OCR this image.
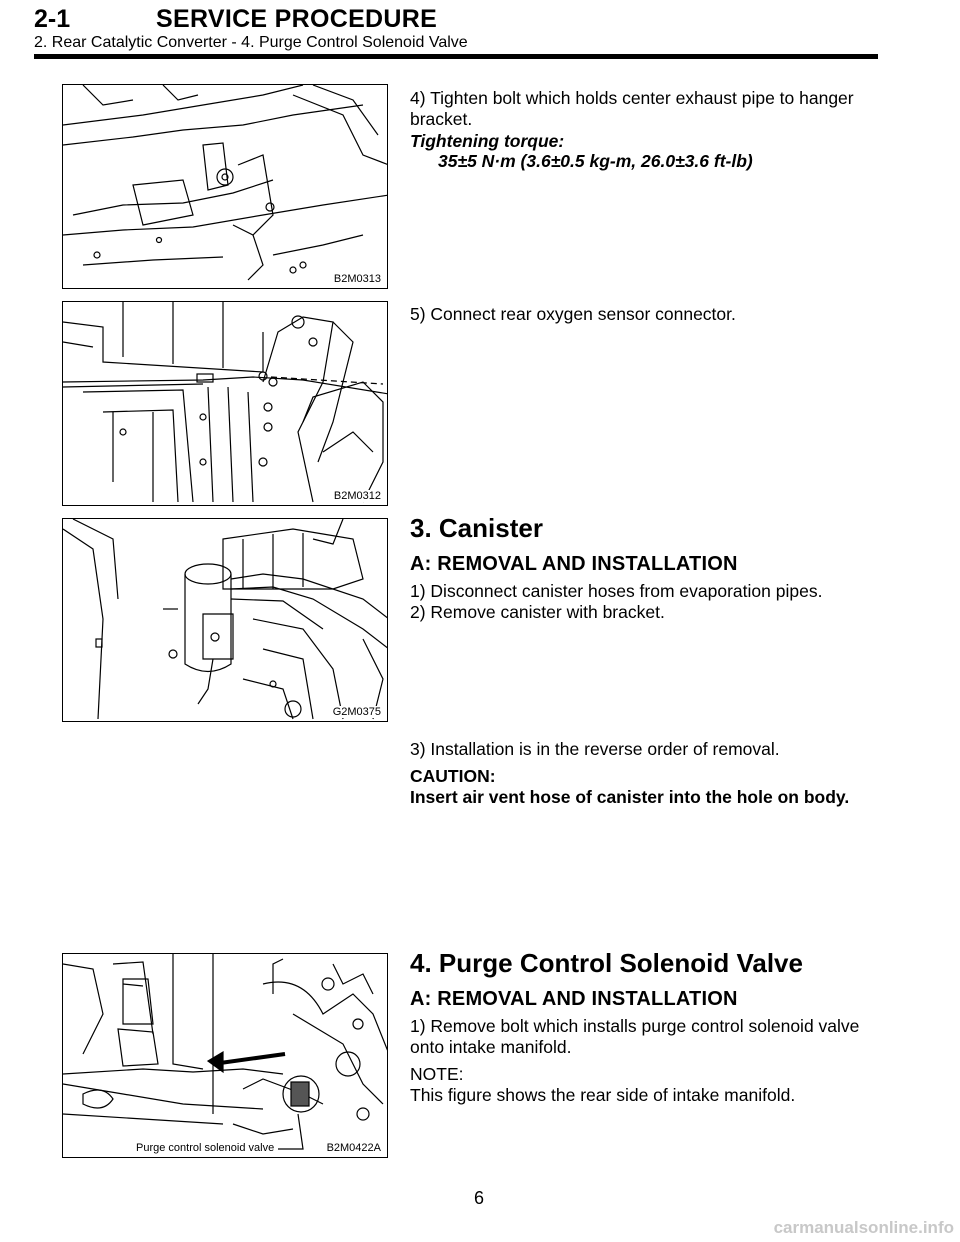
2-1	SERVICE PROCEDURE
2. Rear Catalytic Converter - 4. Purge Control Solenoid Valve
B2M0313
4) Tighten bolt which holds center exhaust pipe to hanger bracket.
Tightening torque:
35±5 N·m (3.6±0.5 kg-m, 26.0±3.6 ft-lb)
B2M0312
5) Connect rear oxygen sensor connector.
G2M0375
3. Canister
A: REMOVAL AND INSTALLATION
1) Disconnect canister hoses from evaporation pipes.
2) Remove canister with bracket.
3) Installation is in the reverse order of removal.
CAUTION:
Insert air vent hose of canister into the hole on body.
Purge control solenoid valve	B2M0422A
4. Purge Control Solenoid Valve
A: REMOVAL AND INSTALLATION
1) Remove bolt which installs purge control solenoid valve onto intake manifold.
NOTE:
This figure shows the rear side of intake manifold.
6
carmanualsonline.info
